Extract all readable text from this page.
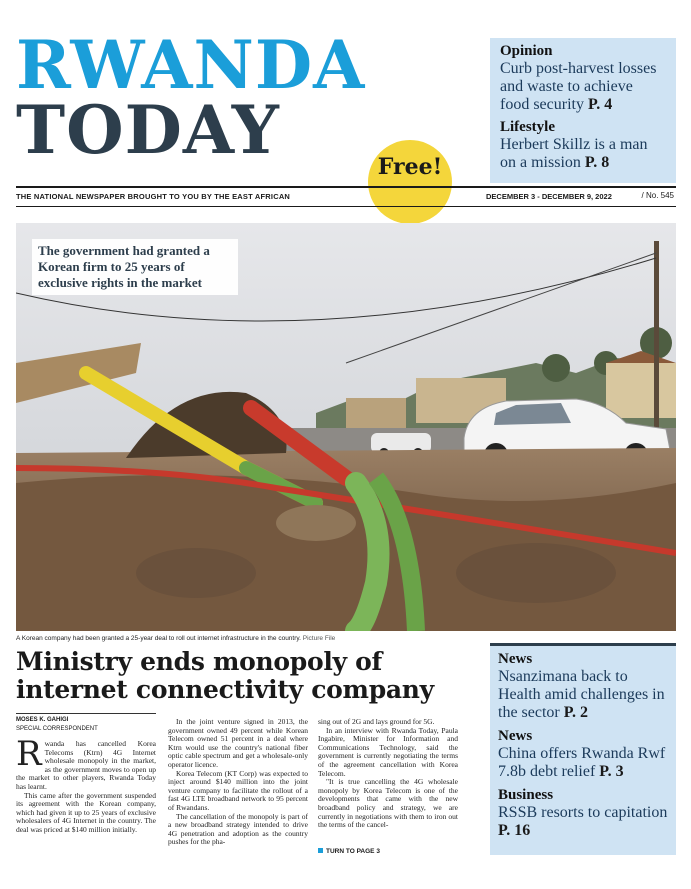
RWANDA
TODAY	Free!
Opinion
Curb post-harvest losses and waste to achieve food security P. 4
Lifestyle
Herbert Skillz is a man on a mission P. 8
THE NATIONAL NEWSPAPER BROUGHT TO YOU BY THE EAST AFRICAN	DECEMBER 3 - DECEMBER 9, 2022	/ No. 545
The government had granted a Korean firm to 25 years of exclusive rights in the market
A Korean company had been granted a 25-year deal to roll out internet infrastructure in the country. Picture File
Ministry ends monopoly of internet connectivity company
MOSES K. GAHIGI
SPECIAL CORRESPONDENT

Rwanda has cancelled Korea Telecoms (Ktrn) 4G Internet wholesale monopoly in the market, as the government moves to open up the market to other players, Rwanda Today has learnt.

This came after the government suspended its agreement with the Korean company, which had given it up to 25 years of exclusive wholesalers of 4G Internet in the country. The deal was priced at $140 million initially.

In the joint venture signed in 2013, the government owned 49 percent while Korean Telecom owned 51 percent in a deal where Ktrn would use the country's national fiber optic cable spectrum and get a wholesale-only operator licence.

Korea Telecom (KT Corp) was expected to inject around $140 million into the joint venture company to facilitate the rollout of a fast 4G LTE broadband network to 95 percent of Rwandans.

The cancellation of the monopoly is part of a new broadband strategy intended to drive 4G penetration and adoption as the country pushes for the pha-

sing out of 2G and lays ground for 5G.

In an interview with Rwanda Today, Paula Ingabire, Minister for Information and Communications Technology, said the government is currently negotiating the terms of the agreement cancellation with Korea Telecom.

"It is true cancelling the 4G wholesale monopoly by Korea Telecom is one of the developments that came with the new broadband policy and strategy, we are currently in negotiations with them to iron out the terms of the cancel-

TURN TO PAGE 3
News
Nsanzimana back to Health amid challenges in the sector P. 2
News
China offers Rwanda Rwf 7.8b debt relief P. 3
Business
RSSB resorts to capitation P. 16
